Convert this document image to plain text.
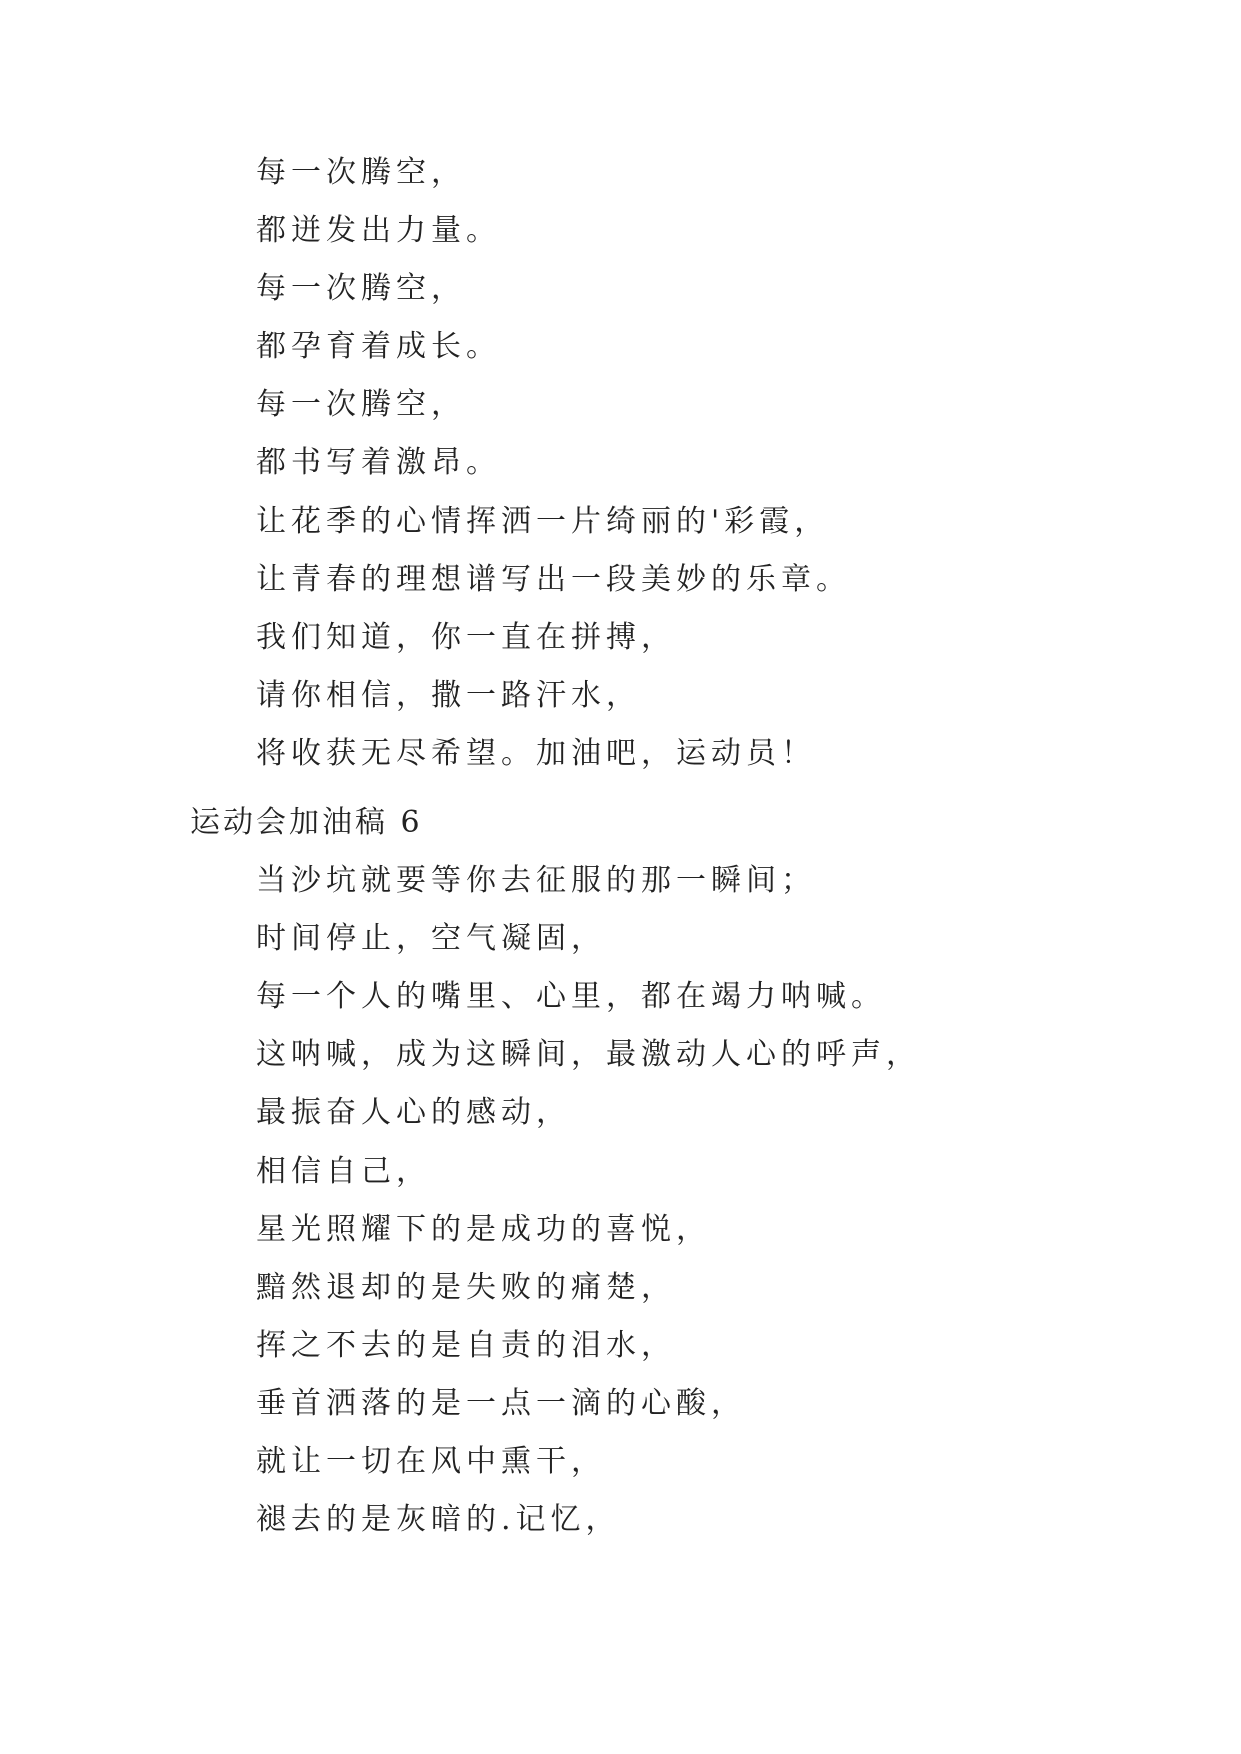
每一次腾空，

都迸发出力量。

每一次腾空，

都孕育着成长。

每一次腾空，

都书写着激昂。

让花季的心情挥洒一片绮丽的'彩霞，

让青春的理想谱写出一段美妙的乐章。

我们知道，你一直在拼搏，

请你相信，撒一路汗水，

将收获无尽希望。加油吧，运动员！

运动会加油稿 6

当沙坑就要等你去征服的那一瞬间；

时间停止，空气凝固，

每一个人的嘴里、心里，都在竭力呐喊。

这呐喊，成为这瞬间，最激动人心的呼声，

最振奋人心的感动，

相信自己，

星光照耀下的是成功的喜悦，

黯然退却的是失败的痛楚，

挥之不去的是自责的泪水，

垂首洒落的是一点一滴的心酸，

就让一切在风中熏干，

褪去的是灰暗的.记忆，
